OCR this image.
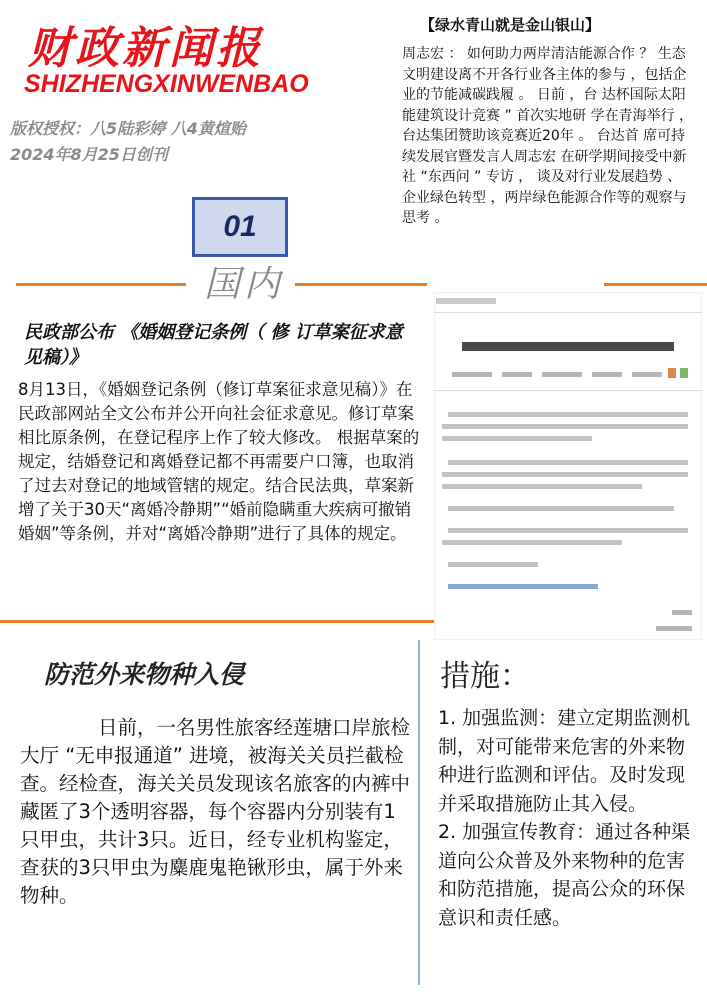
财政新闻报
SHIZHENGXINWENBAO
版权授权：八5陆彩婷 八4黄煊贻
2024年8月25日创刊
【绿水青山就是金山银山】
周志宏 ： 如何助力两岸清洁能源合作 ？ 生态文明建设离不开各行业各主体的参与 ，包括企业的节能减碳践履 。 日前 ，台 达杯国际太阳能建筑设计竞赛 ” 首次实地研 学在青海举行 ， 台达集团赞助该竞赛近20年 。 台达首 席可持续发展官暨发言人周志宏 在研学期间接受中新社 “东西问 ” 专访 ， 谈及对行业发展趋势 、 企业绿色转型 ，两岸绿色能源合作等的观察与思考 。
01
国内
民政部公布 《婚姻登记条例（ 修 订草案征求意见稿）》
8月13日，《婚姻登记条例（修订草案征求意见稿）》在民政部网站全文公布并公开向社会征求意见。修订草案相比原条例，在登记程序上作了较大修改。 根据草案的规定，结婚登记和离婚登记都不再需要户口簿，也取消了过去对登记的地域管辖的规定。结合民法典，草案新增了关于30天“离婚冷静期”“婚前隐瞒重大疾病可撤销婚姻”等条例，并对“离婚冷静期”进行了具体的规定。
防范外来物种入侵
日前，一名男性旅客经莲塘口岸旅检大厅 “无申报通道” 进境，被海关关员拦截检查。经检查，海关关员发现该名旅客的内裤中藏匿了3个透明容器，每个容器内分别装有1只甲虫，共计3只。近日，经专业机构鉴定，查获的3只甲虫为麋鹿鬼艳锹形虫，属于外来物种。
措施：
1. 加强监测：建立定期监测机制，对可能带来危害的外来物种进行监测和评估。及时发现并采取措施防止其入侵。
2. 加强宣传教育：通过各种渠道向公众普及外来物种的危害和防范措施，提高公众的环保意识和责任感。
